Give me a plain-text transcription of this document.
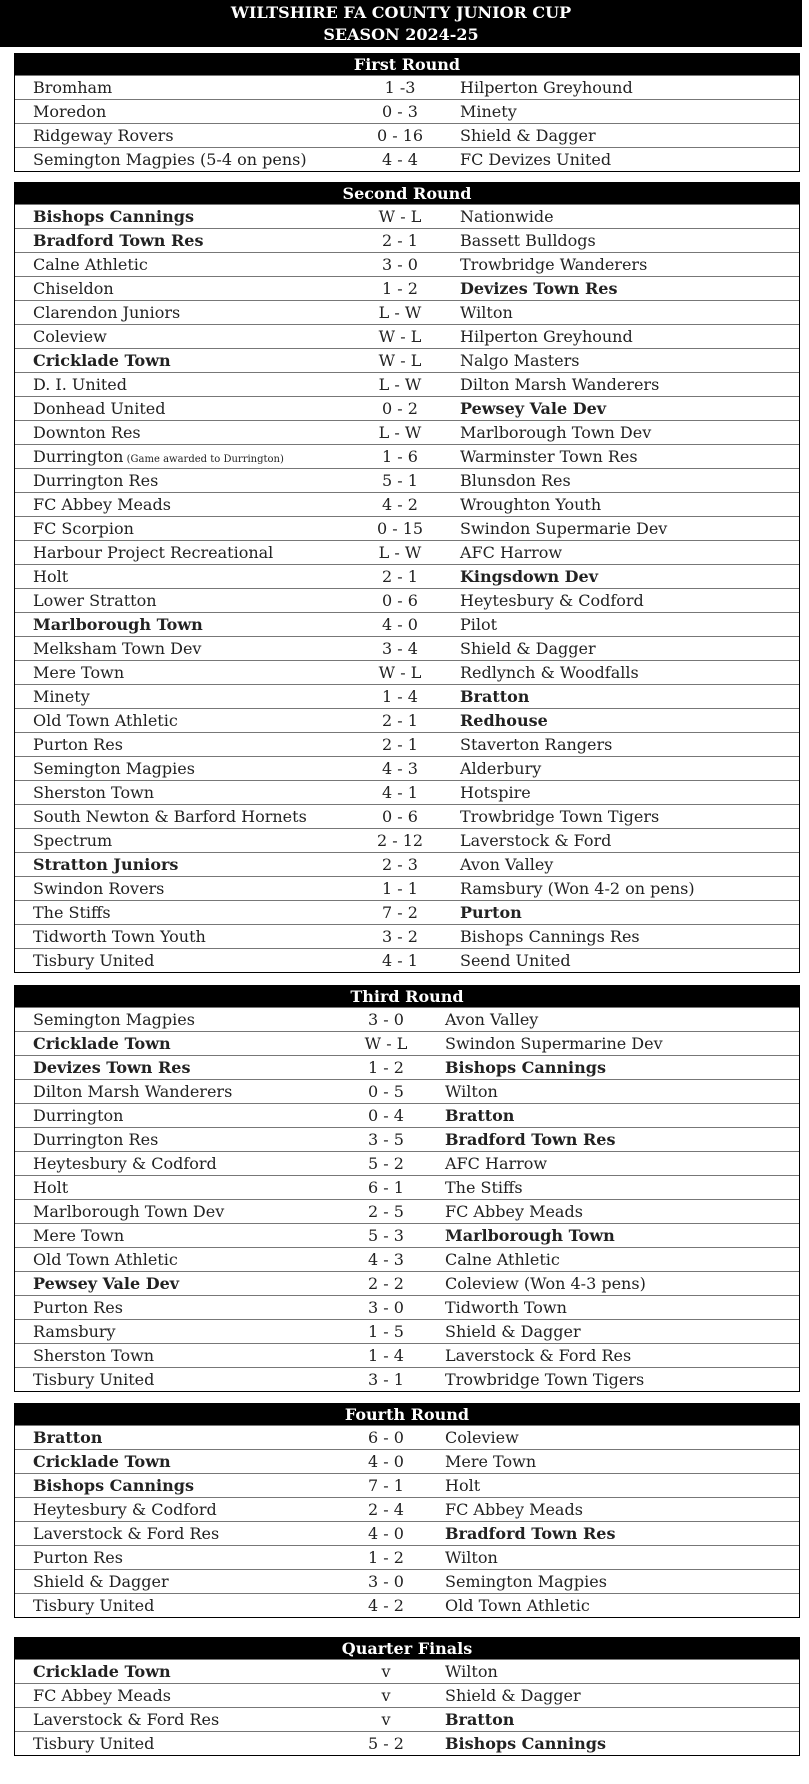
WILTSHIRE FA COUNTY JUNIOR CUP
SEASON 2024-25
First Round
Bromham	1 -3	Hilperton Greyhound
Moredon	0 - 3	Minety
Ridgeway Rovers	0 - 16	Shield & Dagger
Semington Magpies (5-4 on pens)	4 - 4	FC Devizes United
Second Round
Bishops Cannings	W - L	Nationwide
Bradford Town Res	2 - 1	Bassett Bulldogs
Calne Athletic	3 - 0	Trowbridge Wanderers
Chiseldon	1 - 2	Devizes Town Res
Clarendon Juniors	L - W	Wilton
Coleview	W - L	Hilperton Greyhound
Cricklade Town	W - L	Nalgo Masters
D. I. United	L - W	Dilton Marsh Wanderers
Donhead United	0 - 2	Pewsey Vale Dev
Downton Res	L - W	Marlborough Town Dev
Durrington (Game awarded to Durrington)	1 - 6	Warminster Town Res
Durrington Res	5 - 1	Blunsdon Res
FC Abbey Meads	4 - 2	Wroughton Youth
FC Scorpion	0 - 15	Swindon Supermarie Dev
Harbour Project Recreational	L - W	AFC Harrow
Holt	2 - 1	Kingsdown Dev
Lower Stratton	0 - 6	Heytesbury & Codford
Marlborough Town	4 - 0	Pilot
Melksham Town Dev	3 - 4	Shield & Dagger
Mere Town	W - L	Redlynch & Woodfalls
Minety	1 - 4	Bratton
Old Town Athletic	2 - 1	Redhouse
Purton Res	2 - 1	Staverton Rangers
Semington Magpies	4 - 3	Alderbury
Sherston Town	4 - 1	Hotspire
South Newton & Barford Hornets	0 - 6	Trowbridge Town Tigers
Spectrum	2 - 12	Laverstock & Ford
Stratton Juniors	2 - 3	Avon Valley
Swindon Rovers	1 - 1	Ramsbury (Won 4-2 on pens)
The Stiffs	7 - 2	Purton
Tidworth Town Youth	3 - 2	Bishops Cannings Res
Tisbury United	4 - 1	Seend United
Third Round
Semington Magpies	3 - 0	Avon Valley
Cricklade Town	W - L	Swindon Supermarine Dev
Devizes Town Res	1 - 2	Bishops Cannings
Dilton Marsh Wanderers	0 - 5	Wilton
Durrington	0 - 4	Bratton
Durrington Res	3 - 5	Bradford Town Res
Heytesbury & Codford	5 - 2	AFC Harrow
Holt	6 - 1	The Stiffs
Marlborough Town Dev	2 - 5	FC Abbey Meads
Mere Town	5 - 3	Marlborough Town
Old Town Athletic	4 - 3	Calne Athletic
Pewsey Vale Dev	2 - 2	Coleview (Won 4-3 pens)
Purton Res	3 - 0	Tidworth Town
Ramsbury	1 - 5	Shield & Dagger
Sherston Town	1 - 4	Laverstock & Ford Res
Tisbury United	3 - 1	Trowbridge Town Tigers
Fourth Round
Bratton	6 - 0	Coleview
Cricklade Town	4 - 0	Mere Town
Bishops Cannings	7 - 1	Holt
Heytesbury & Codford	2 - 4	FC Abbey Meads
Laverstock & Ford Res	4 - 0	Bradford Town Res
Purton Res	1 - 2	Wilton
Shield & Dagger	3 - 0	Semington Magpies
Tisbury United	4 - 2	Old Town Athletic
Quarter Finals
Cricklade Town	v	Wilton
FC Abbey Meads	v	Shield & Dagger
Laverstock & Ford Res	v	Bratton
Tisbury United	5 - 2	Bishops Cannings
